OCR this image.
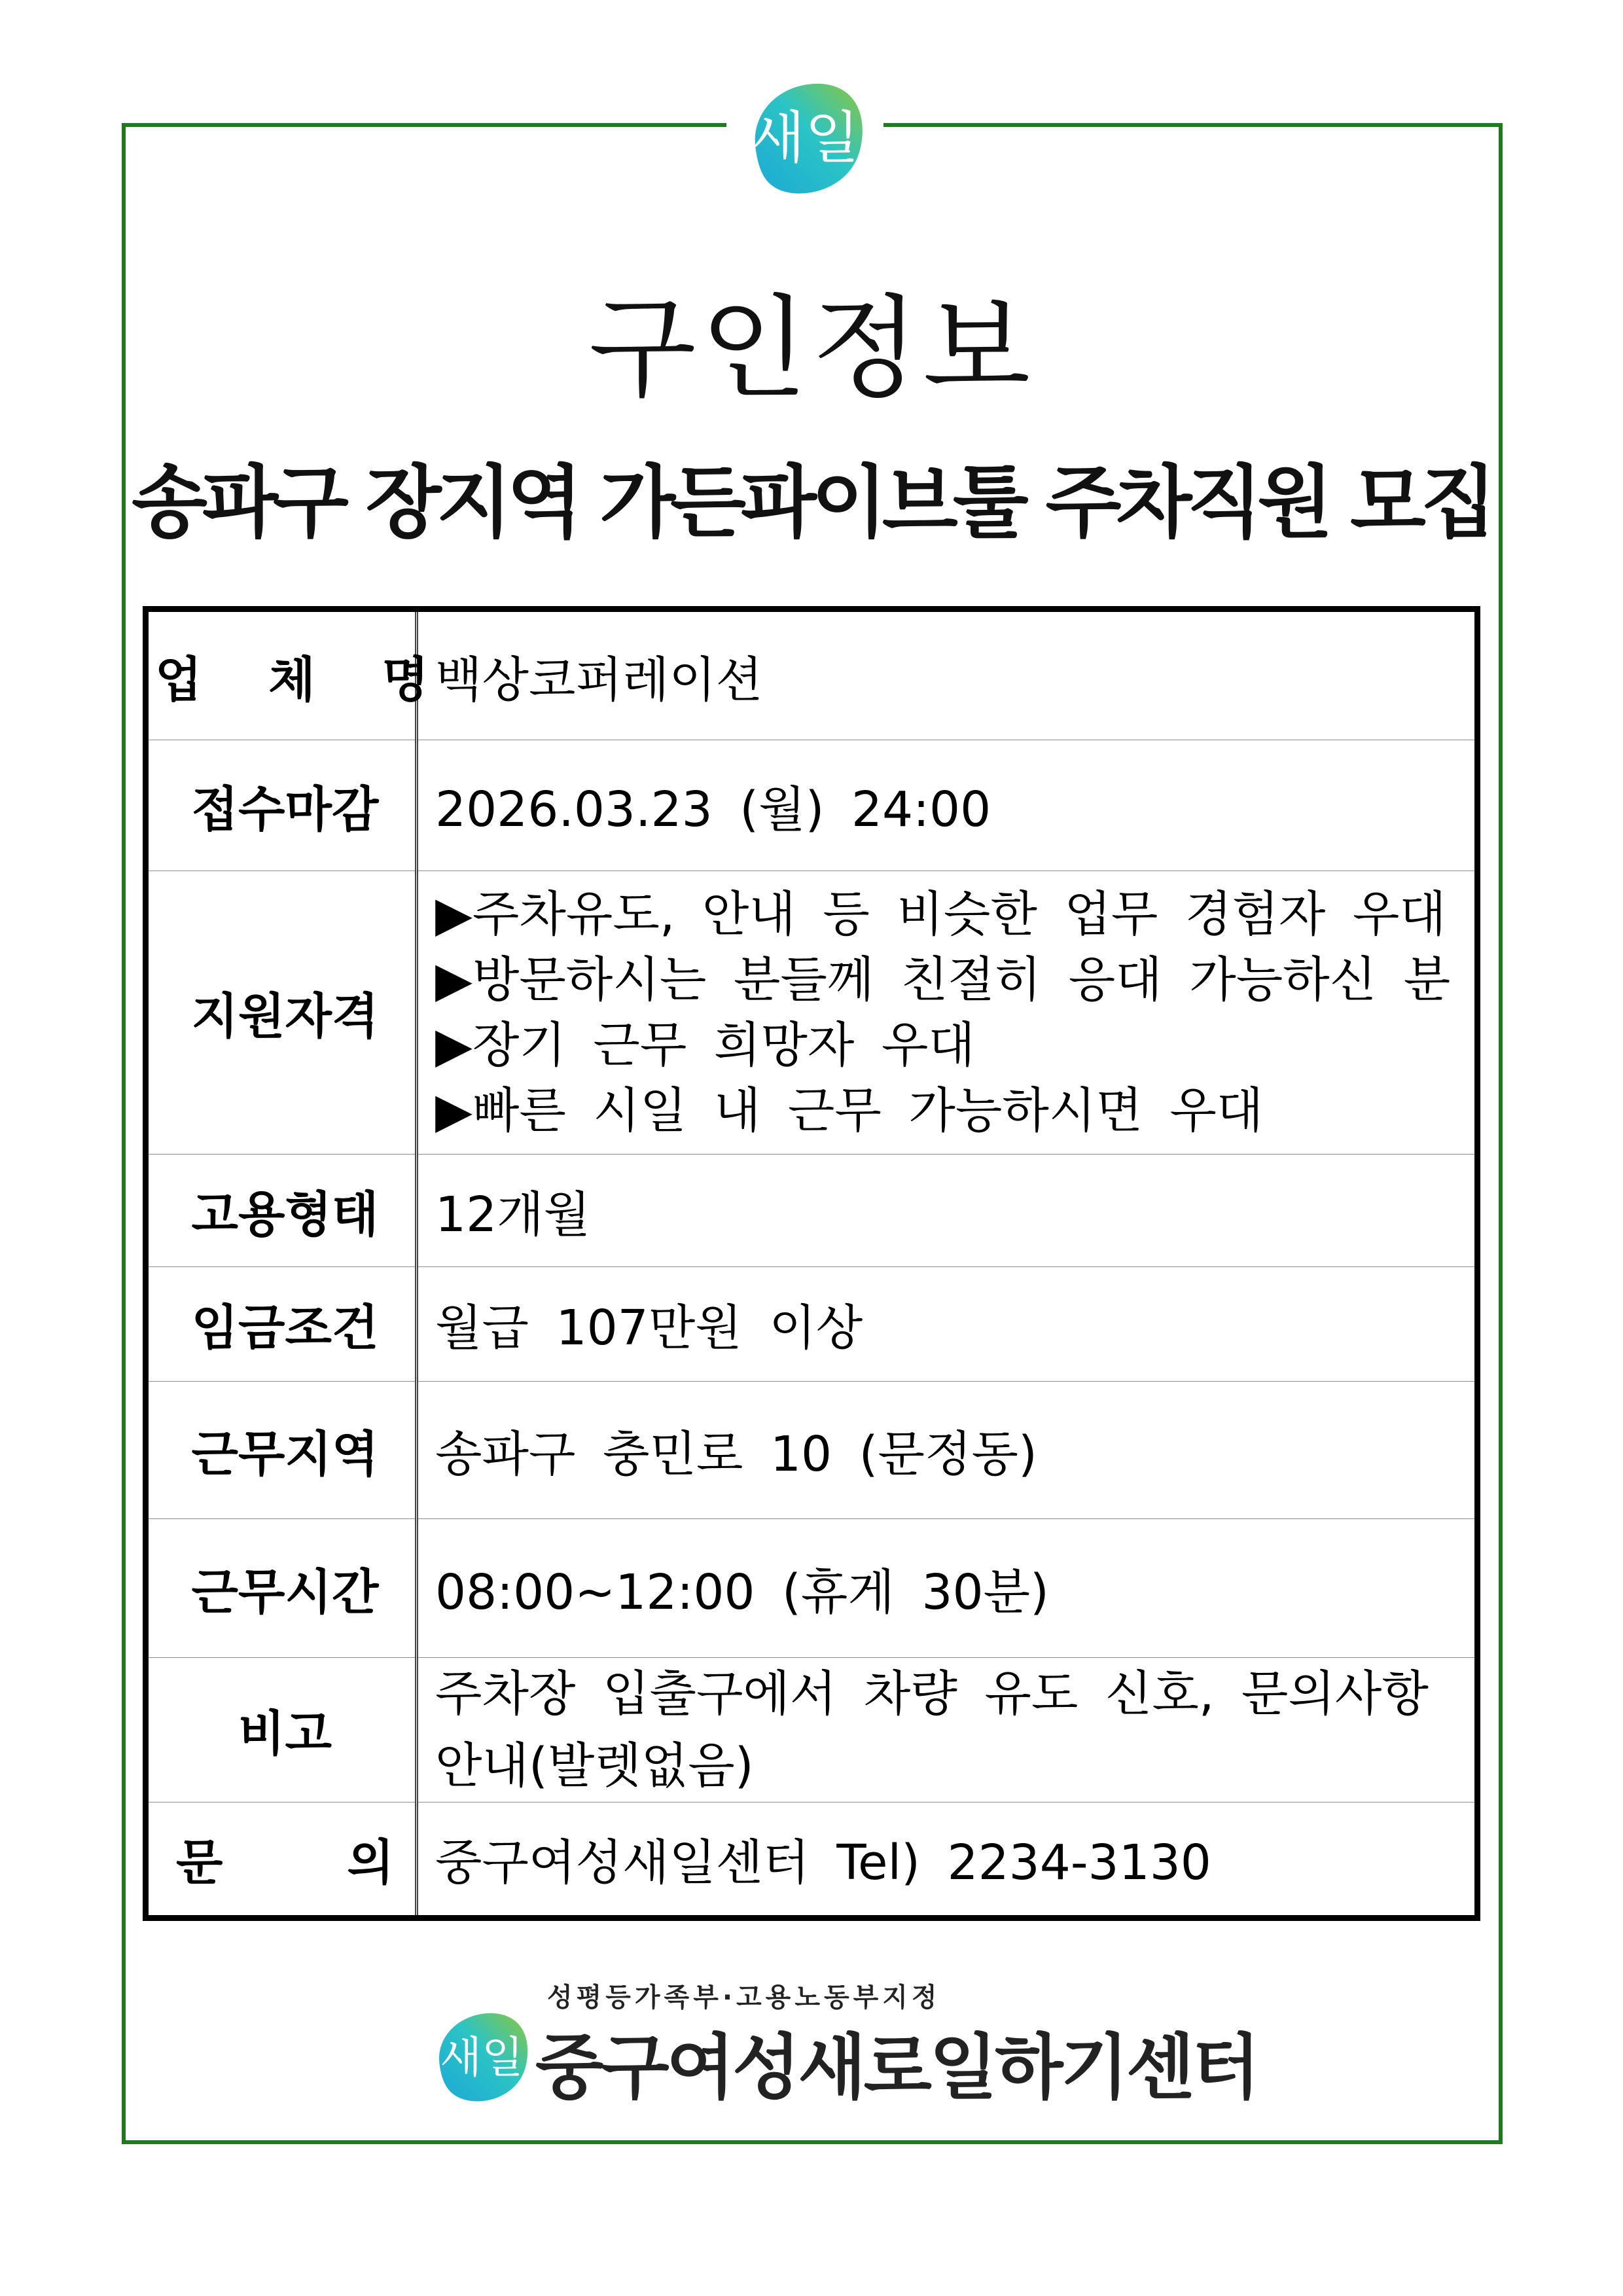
새일
구인정보
송파구 장지역 가든파이브툴 주차직원 모집
업 체 명	백상코퍼레이션
접수마감	2026.03.23 (월) 24:00
지원자격	▶주차유도, 안내 등 비슷한 업무 경험자 우대
▶방문하시는 분들께 친절히 응대 가능하신 분
▶장기 근무 희망자 우대
▶빠른 시일 내 근무 가능하시면 우대

고용형태	12개월
임금조건	월급 107만원 이상
근무지역	송파구 충민로 10 (문정동)
근무시간	08:00~12:00 (휴게 30분)
비고	주차장 입출구에서 차량 유도 신호, 문의사항
안내(발렛없음)

문 의	중구여성새일센터 Tel) 2234-3130
성평등가족부·고용노동부지정
새일 중구여성새로일하기센터
